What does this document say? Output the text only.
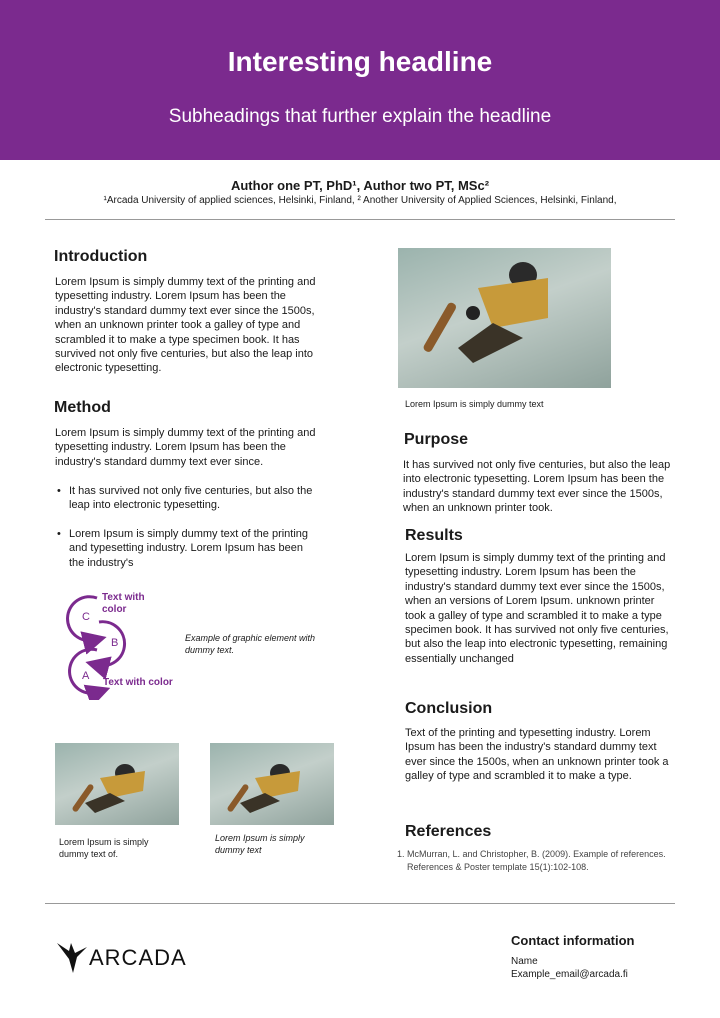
Interesting headline
Subheadings that further explain the headline
Author one PT, PhD¹, Author two PT, MSc²
¹Arcada University of applied sciences, Helsinki, Finland, ² Another University of Applied Sciences, Helsinki, Finland,
Introduction
Lorem Ipsum is simply dummy text of the printing and typesetting industry. Lorem Ipsum has been the industry's standard dummy text ever since the 1500s, when an unknown printer took a galley of type and scrambled it to make a type specimen book. It has survived not only five centuries, but also the leap into electronic typesetting.
Method
Lorem Ipsum is simply dummy text of the printing and typesetting industry. Lorem Ipsum has been the industry's standard dummy text ever since.
• It has survived not only five centuries, but also the leap into electronic typesetting.
• Lorem Ipsum is simply dummy text of the printing and typesetting industry. Lorem Ipsum has been the industry's
C
B
A
Text with color
Text with color
Example of graphic element with dummy text.
Lorem Ipsum is simply dummy text of.
Lorem Ipsum is simply dummy text
Lorem Ipsum is simply dummy text
Purpose
It has survived not only five centuries, but also the leap into electronic typesetting. Lorem Ipsum has been the industry's standard dummy text ever since the 1500s, when an unknown printer took.
Results
Lorem Ipsum is simply dummy text of the printing and typesetting industry. Lorem Ipsum has been the industry's standard dummy text ever since the 1500s, when an versions of Lorem Ipsum. unknown printer took a galley of type and scrambled it to make a type specimen book. It has survived not only five centuries, but also the leap into electronic typesetting, remaining essentially unchanged
Conclusion
Text of the printing and typesetting industry. Lorem Ipsum has been the industry's standard dummy text ever since the 1500s, when an unknown printer took a galley of type and scrambled it to make a type.
References
1. McMurran, L. and Christopher, B. (2009). Example of references. References & Poster template 15(1):102-108.
ARCADA
Contact information
Name
Example_email@arcada.fi
